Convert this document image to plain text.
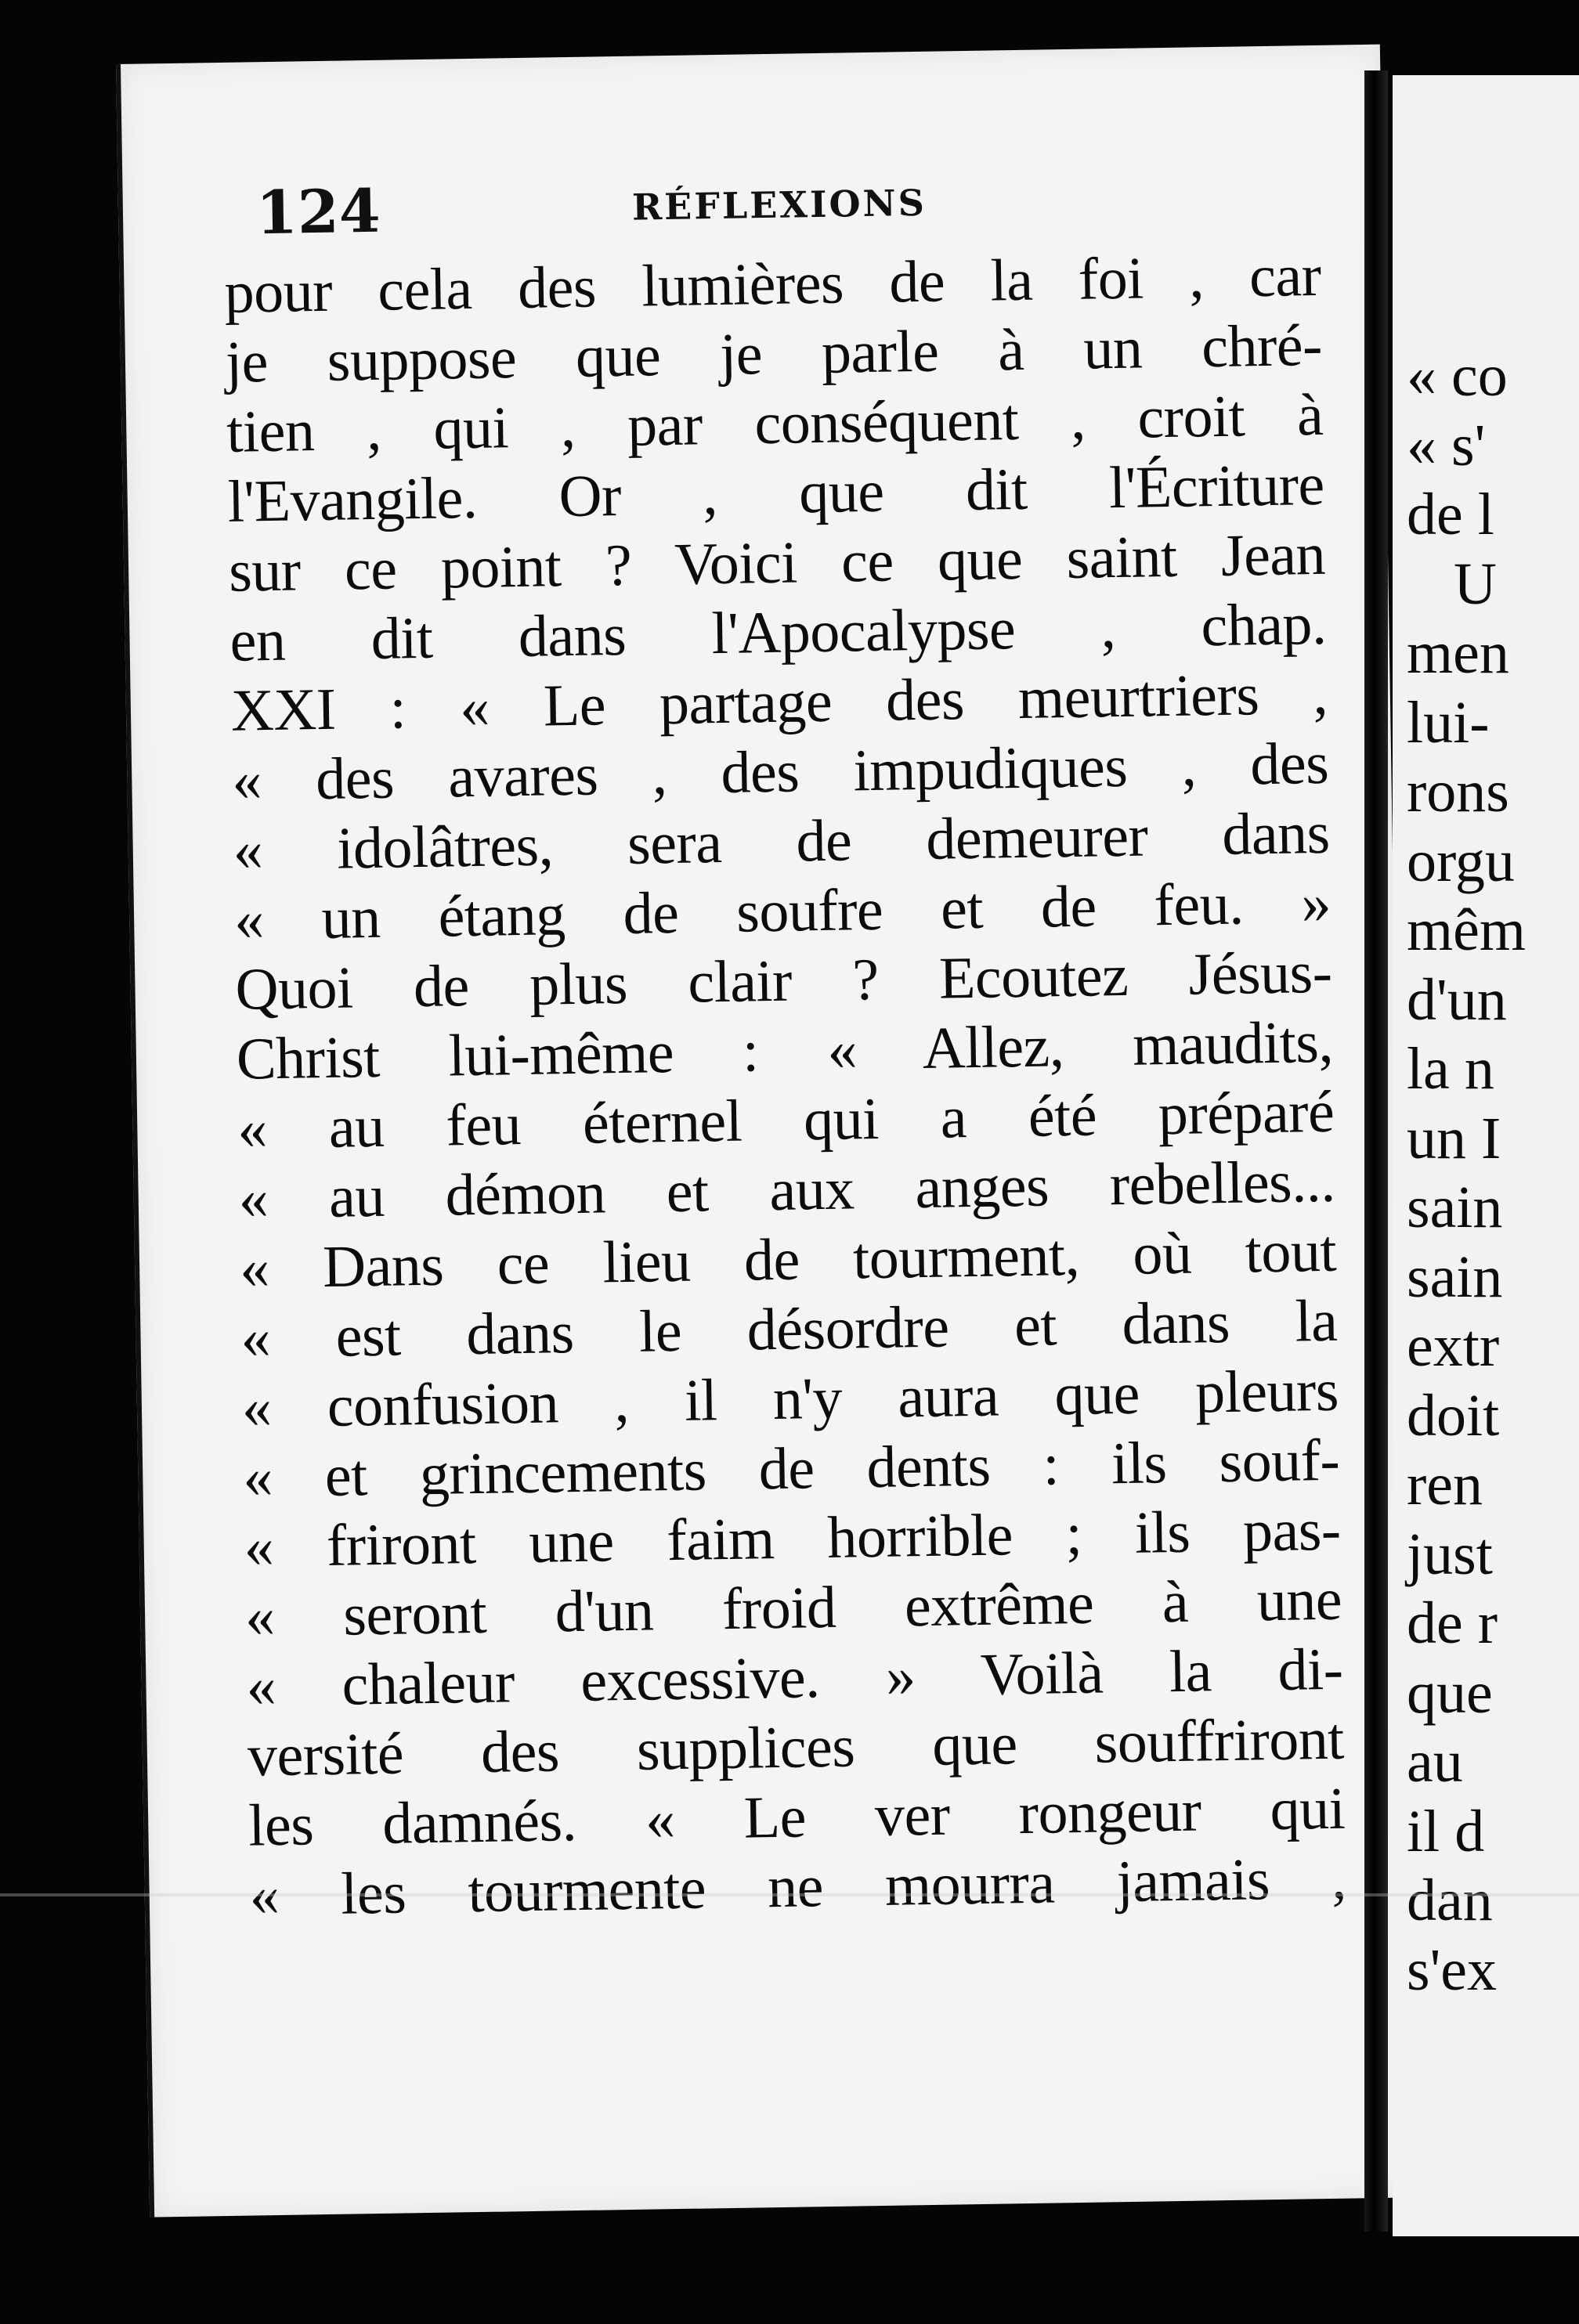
124	RÉFLEXIONS
pour cela des lumières de la foi , car
je suppose que je parle à un chré-
tien , qui , par conséquent , croit à
l'Evangile. Or , que dit l'Écriture
sur ce point ? Voici ce que saint Jean
en dit dans l'Apocalypse , chap.
XXI : « Le partage des meurtriers ,
« des avares , des impudiques , des
« idolâtres, sera de demeurer dans
« un étang de soufre et de feu. »
Quoi de plus clair ? Ecoutez Jésus-
Christ lui-même : « Allez, maudits,
« au feu éternel qui a été préparé
« au démon et aux anges rebelles...
« Dans ce lieu de tourment, où tout
« est dans le désordre et dans la
« confusion , il n'y aura que pleurs
« et grincements de dents : ils souf-
« friront une faim horrible ; ils pas-
« seront d'un froid extrême à une
« chaleur excessive. » Voilà la di-
versité des supplices que souffriront
les damnés. « Le ver rongeur qui
« les tourmente ne mourra jamais ,
« co
« s'
de l
U
men
lui-
rons
orgu
mêm
d'un
la n
un I
sain
sain
extr
doit
ren
just
de r
que
au
il d
dan
s'ex
